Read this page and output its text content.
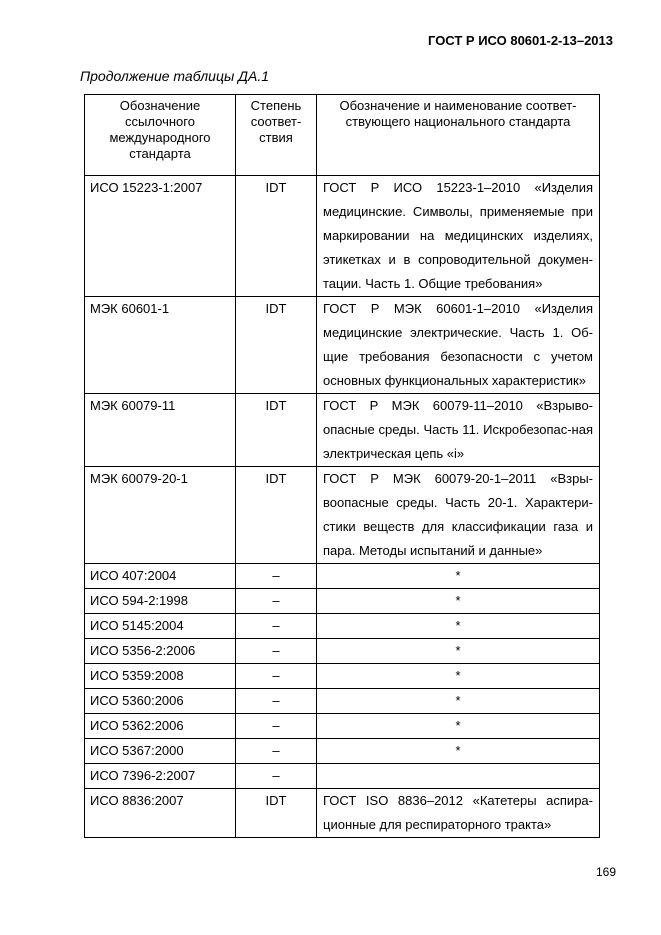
ГОСТ Р ИСО 80601-2-13–2013
Продолжение таблицы ДА.1
Обозначение ссылочного международного стандарта	Степень соответ-ствия	Обозначение и наименование соответ-ствующего национального стандарта
ИСО 15223-1:2007	IDT	ГОСТ Р ИСО 15223-1–2010 «Изделия медицинские. Символы, применяемые при маркировании на медицинских изделиях, этикетках и в сопроводительной докумен-тации. Часть 1. Общие требования»
МЭК 60601-1	IDT	ГОСТ Р МЭК 60601-1–2010 «Изделия медицинские электрические. Часть 1. Об-щие требования безопасности с учетом основных функциональных характеристик»
МЭК 60079-11	IDT	ГОСТ Р МЭК 60079-11–2010 «Взрыво-опасные среды. Часть 11. Искробезопас-ная электрическая цепь «i»
МЭК 60079-20-1	IDT	ГОСТ Р МЭК 60079-20-1–2011 «Взры-воопасные среды. Часть 20-1. Характери-стики веществ для классификации газа и пара. Методы испытаний и данные»
ИСО 407:2004	–	*
ИСО 594-2:1998	–	*
ИСО 5145:2004	–	*
ИСО 5356-2:2006	–	*
ИСО 5359:2008	–	*
ИСО 5360:2006	–	*
ИСО 5362:2006	–	*
ИСО 5367:2000	–	*
ИСО 7396-2:2007	–	
ИСО 8836:2007	IDT	ГОСТ ISO 8836–2012 «Катетеры аспира-ционные для респираторного тракта»
169
